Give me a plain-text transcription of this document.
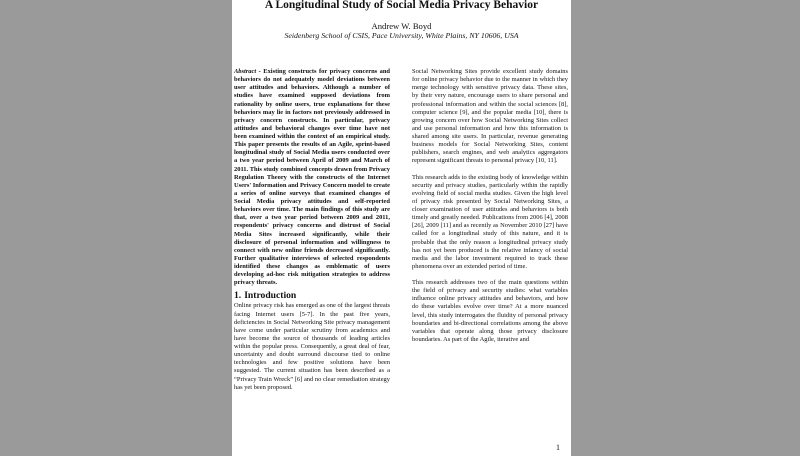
A Longitudinal Study of Social Media Privacy Behavior
Andrew W. Boyd
Seidenberg School of CSIS, Pace University, White Plains, NY 10606, USA

Abstract - Existing constructs for privacy concerns and behaviors do not adequately model deviations between user attitudes and behaviors. Although a number of studies have examined supposed deviations from rationality by online users, true explanations for these behaviors may lie in factors not previously addressed in privacy concern constructs. In particular, privacy attitudes and behavioral changes over time have not been examined within the context of an empirical study. This paper presents the results of an Agile, sprint-based longitudinal study of Social Media users conducted over a two year period between April of 2009 and March of 2011. This study combined concepts drawn from Privacy Regulation Theory with the constructs of the Internet Users' Information and Privacy Concern model to create a series of online surveys that examined changes of Social Media privacy attitudes and self-reported behaviors over time. The main findings of this study are that, over a two year period between 2009 and 2011, respondents' privacy concerns and distrust of Social Media Sites increased significantly, while their disclosure of personal information and willingness to connect with new online friends decreased significantly. Further qualitative interviews of selected respondents identified these changes as emblematic of users developing ad-hoc risk mitigation strategies to address privacy threats.

1. Introduction

Online privacy risk has emerged as one of the largest threats facing Internet users [5-7]. In the past five years, deficiencies in Social Networking Site privacy management have come under particular scrutiny from academics and have become the source of thousands of leading articles within the popular press. Consequently, a great deal of fear, uncertainty and doubt surround discourse tied to online technologies and few positive solutions have been suggested. The current situation has been described as a “Privacy Train Wreck” [6] and no clear remediation strategy has yet been proposed.

Social Networking Sites provide excellent study domains for online privacy behavior due to the manner in which they merge technology with sensitive privacy data. These sites, by their very nature, encourage users to share personal and professional information and within the social sciences [8], computer science [9], and the popular media [10], there is growing concern over how Social Networking Sites collect and use personal information and how this information is shared among site users. In particular, revenue generating business models for Social Networking Sites, content publishers, search engines, and web analytics aggregators represent significant threats to personal privacy [10, 11].

This research adds to the existing body of knowledge within security and privacy studies, particularly within the rapidly evolving field of social media studies. Given the high level of privacy risk presented by Social Networking Sites, a closer examination of user attitudes and behaviors is both timely and greatly needed. Publications from 2006 [4], 2008 [26], 2009 [11] and as recently as November 2010 [27] have called for a longitudinal study of this nature, and it is probable that the only reason a longitudinal privacy study has not yet been produced is the relative infancy of social media and the labor investment required to track these phenomena over an extended period of time.

This research addresses two of the main questions within the field of privacy and security studies: what variables influence online privacy attitudes and behaviors, and how do these variables evolve over time? At a more nuanced level, this study interrogates the fluidity of personal privacy boundaries and bi-directional correlations among the above variables that operate along those privacy disclosure boundaries. As part of the Agile, iterative and

1
